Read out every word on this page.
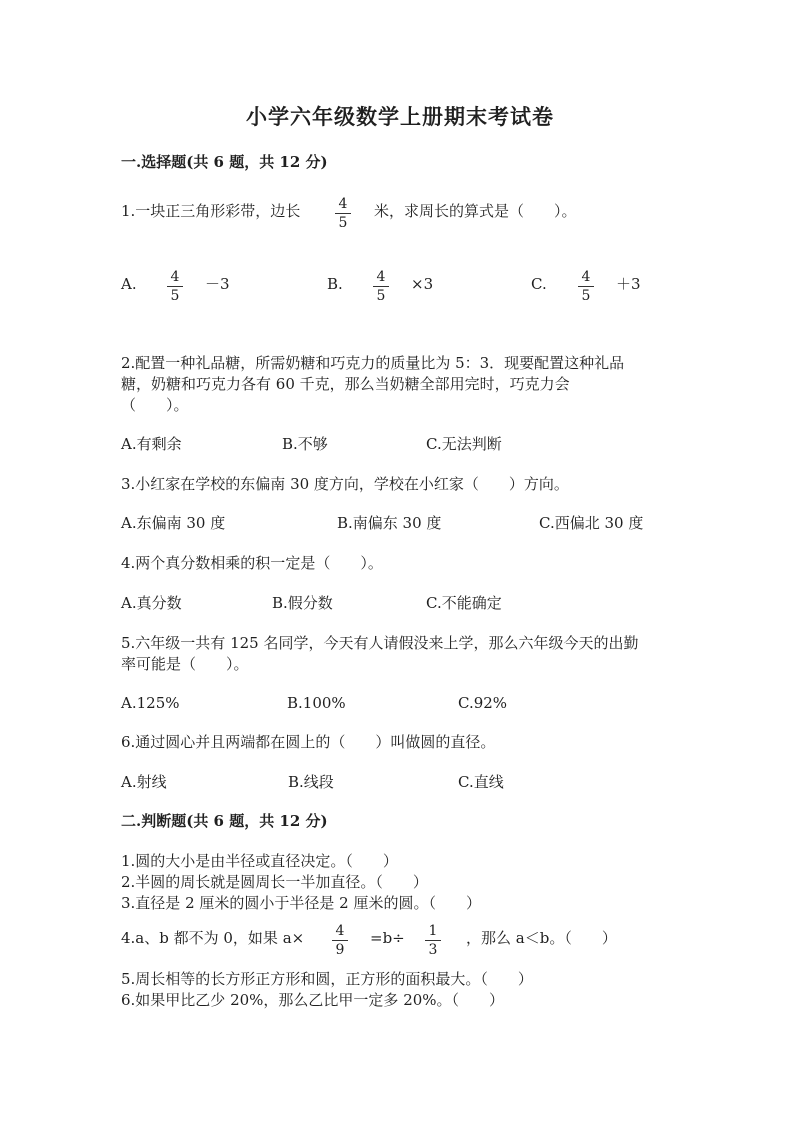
小学六年级数学上册期末考试卷
一.选择题(共 6 题，共 12 分)
1.一块正三角形彩带，边长	4
5
米，求周长的算式是（　　）。
A.	4
5
－3	B.	4
5
×3	C.	4
5
＋3
2.配置一种礼品糖，所需奶糖和巧克力的质量比为 5：3．现要配置这种礼品
糖，奶糖和巧克力各有 60 千克，那么当奶糖全部用完时，巧克力会
（　　）。
A.有剩余	B.不够	C.无法判断
3.小红家在学校的东偏南 30 度方向，学校在小红家（　　）方向。
A.东偏南 30 度	B.南偏东 30 度	C.西偏北 30 度
4.两个真分数相乘的积一定是（　　）。
A.真分数	B.假分数	C.不能确定
5.六年级一共有 125 名同学，今天有人请假没来上学，那么六年级今天的出勤
率可能是（　　）。
A.125%	B.100%	C.92%
6.通过圆心并且两端都在圆上的（　　）叫做圆的直径。
A.射线	B.线段	C.直线
二.判断题(共 6 题，共 12 分)
1.圆的大小是由半径或直径决定。（　　）
2.半圆的周长就是圆周长一半加直径。（　　）
3.直径是 2 厘米的圆小于半径是 2 厘米的圆。（　　）
4.a、b 都不为 0，如果 a×	4
9
=b÷	1
3
，那么 a＜b。（　　）
5.周长相等的长方形正方形和圆，正方形的面积最大。（　　）
6.如果甲比乙少 20%，那么乙比甲一定多 20%。（　　）
